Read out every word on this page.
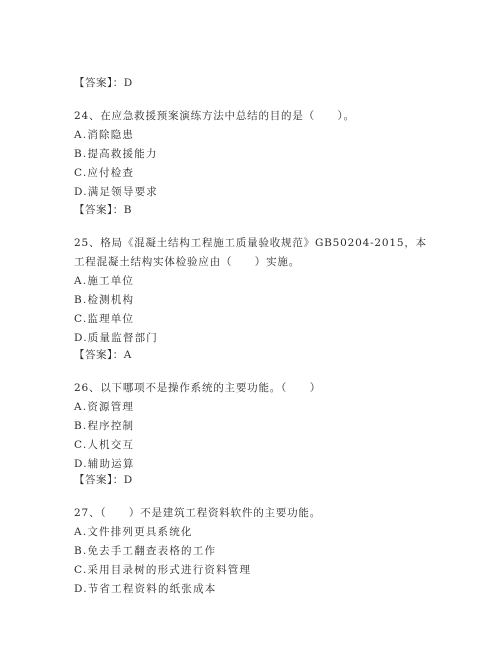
【答案】：D
24、在应急救援预案演练方法中总结的目的是（　　）。
A.消除隐患
B.提高救援能力
C.应付检查
D.满足领导要求
【答案】：B
25、格局《混凝土结构工程施工质量验收规范》GB50204-2015，本工程混凝土结构实体检验应由（　　）实施。
A.施工单位
B.检测机构
C.监理单位
D.质量监督部门
【答案】：A
26、以下哪项不是操作系统的主要功能。（　　）
A.资源管理
B.程序控制
C.人机交互
D.辅助运算
【答案】：D
27、（　　）不是建筑工程资料软件的主要功能。
A.文件排列更具系统化
B.免去手工翻查表格的工作
C.采用目录树的形式进行资料管理
D.节省工程资料的纸张成本
